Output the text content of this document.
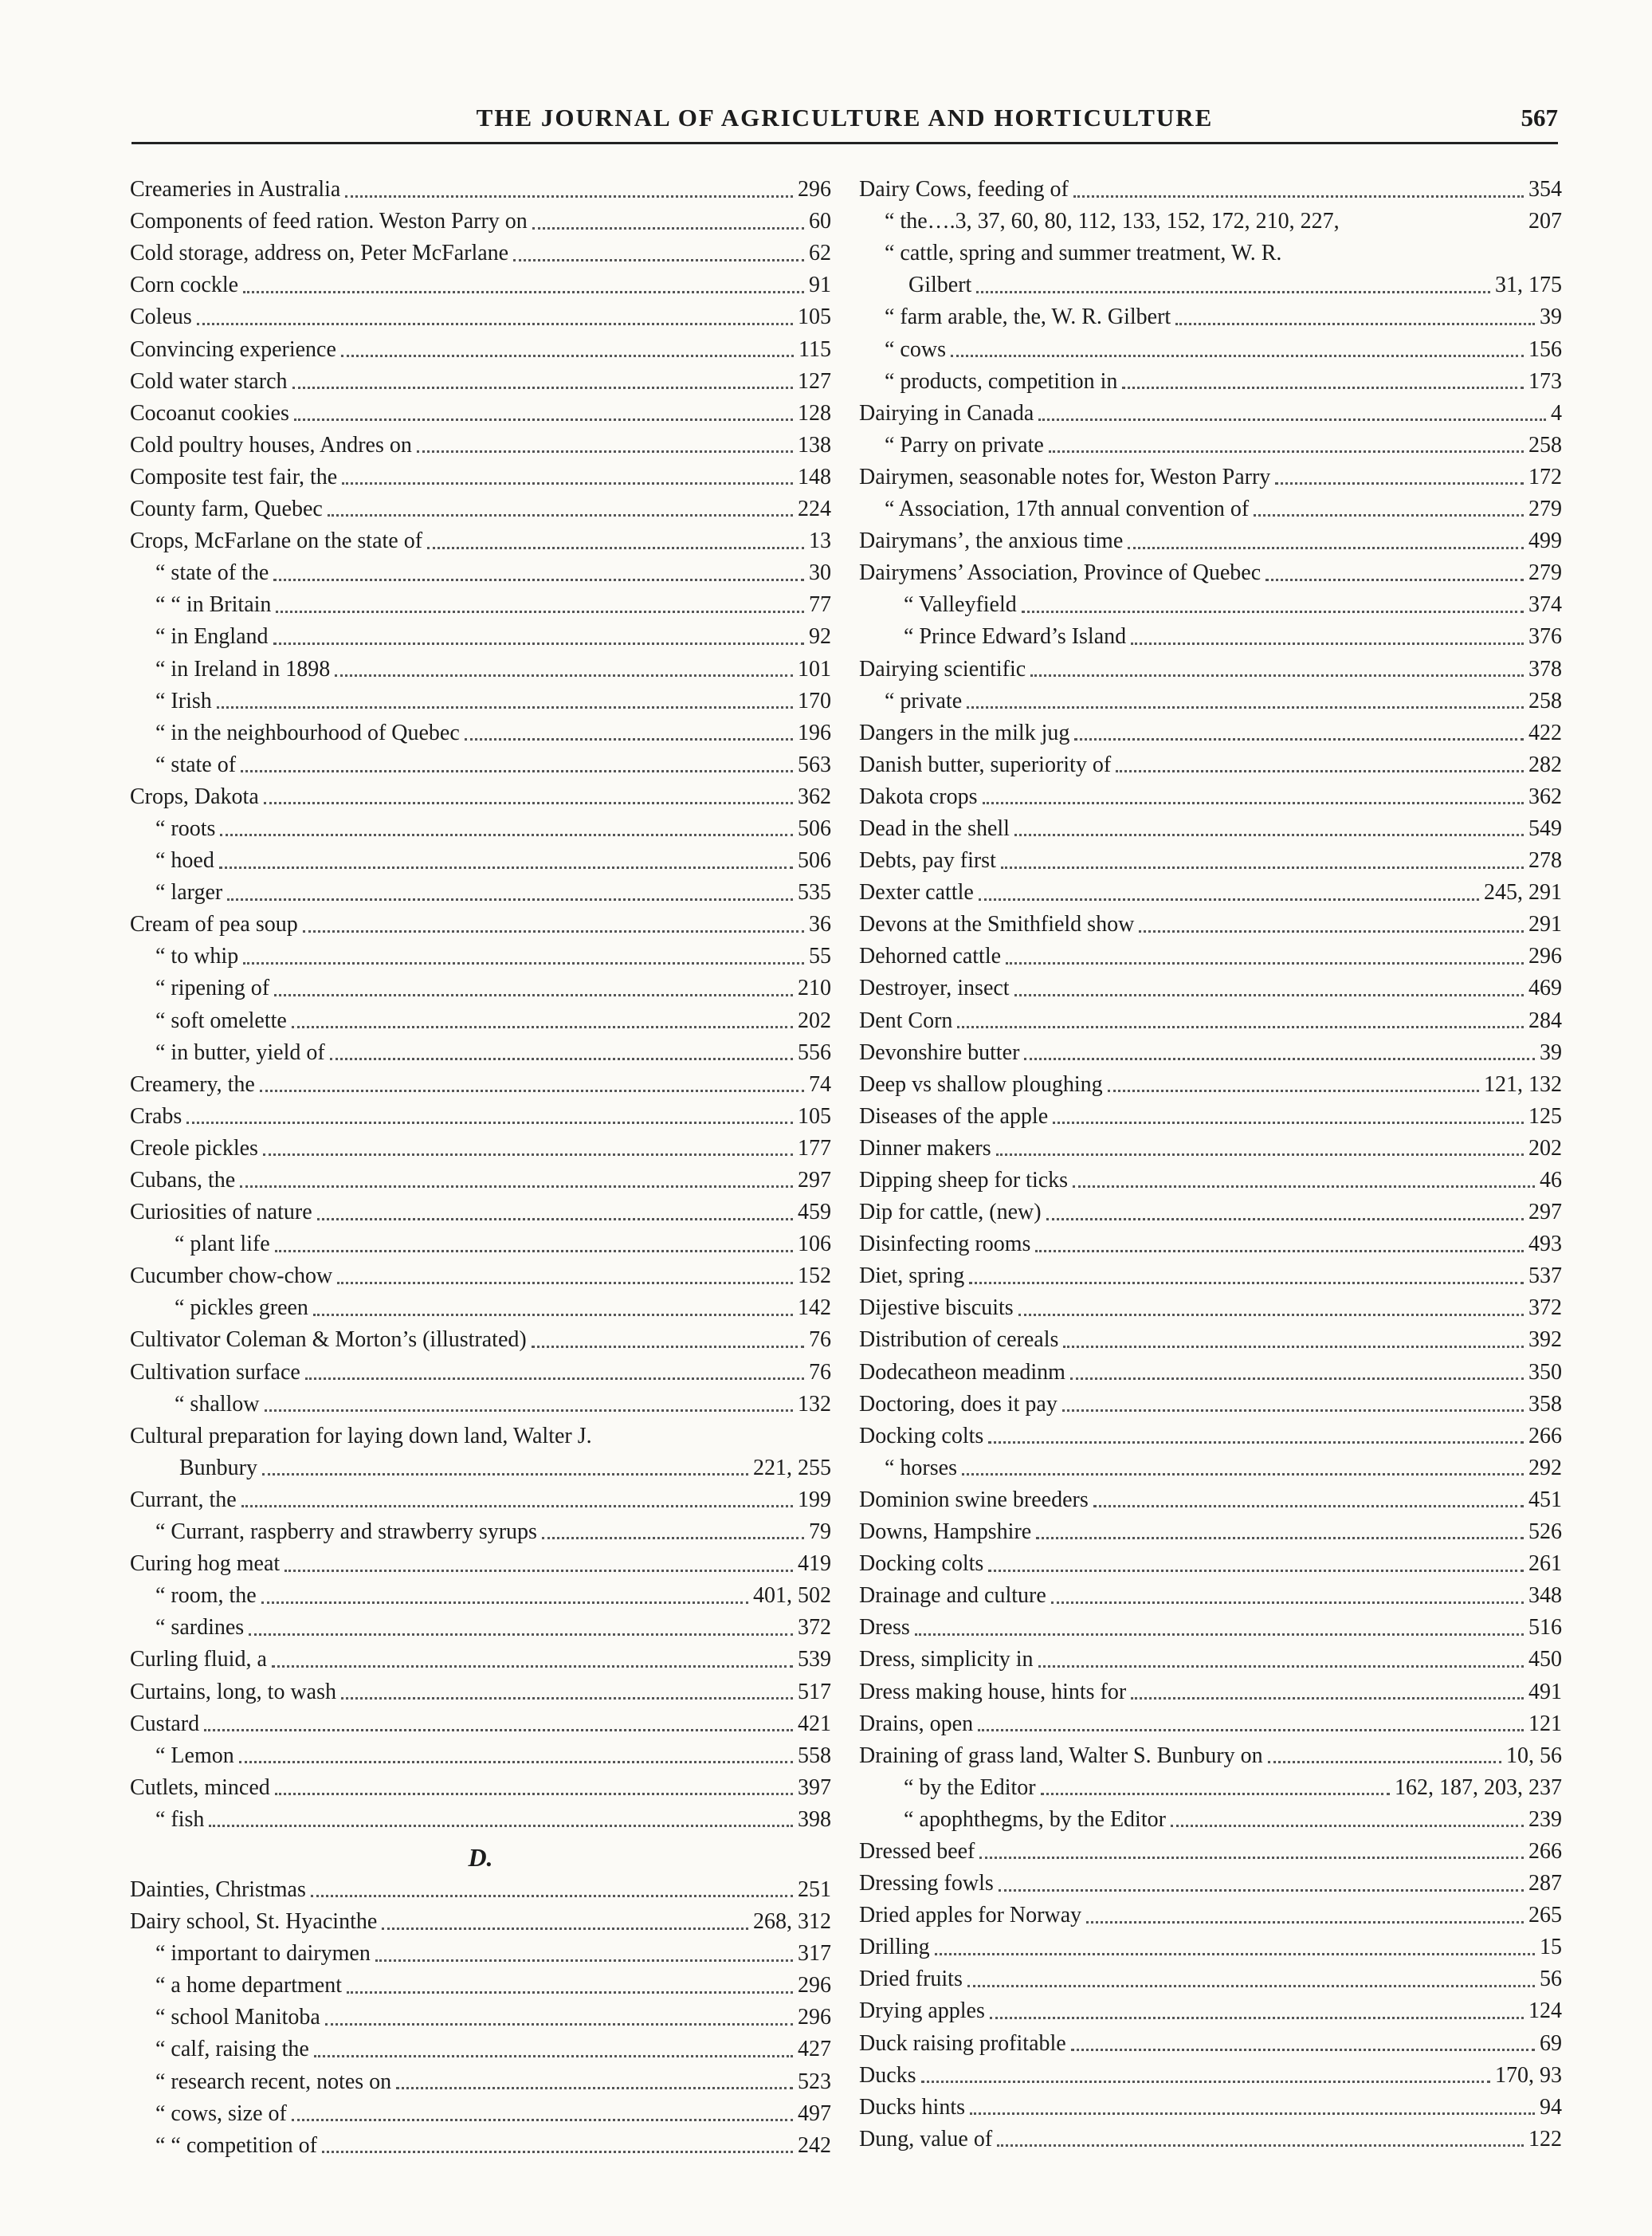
THE JOURNAL OF AGRICULTURE AND HORTICULTURE	567
Creameries in Australia	296
Components of feed ration. Weston Parry on	60
Cold storage, address on, Peter McFarlane	62
Corn cockle	91
Coleus	105
Convincing experience	115
Cold water starch	127
Cocoanut cookies	128
Cold poultry houses, Andres on	138
Composite test fair, the	148
County farm, Quebec	224
Crops, McFarlane on the state of	13
“ state of the	30
“ “ in Britain	77
“ in England	92
“ in Ireland in 1898	101
“ Irish	170
“ in the neighbourhood of Quebec	196
“ state of	563
Crops, Dakota	362
“ roots	506
“ hoed	506
“ larger	535
Cream of pea soup	36
“ to whip	55
“ ripening of	210
“ soft omelette	202
“ in butter, yield of	556
Creamery, the	74
Crabs	105
Creole pickles	177
Cubans, the	297
Curiosities of nature	459
“ plant life	106
Cucumber chow-chow	152
“ pickles green	142
Cultivator Coleman & Morton’s (illustrated)	76
Cultivation surface	76
“ shallow	132
Cultural preparation for laying down land, Walter J.
Bunbury	221, 255
Currant, the	199
“ Currant, raspberry and strawberry syrups	79
Curing hog meat	419
“ room, the	401, 502
“ sardines	372
Curling fluid, a	539
Curtains, long, to wash	517
Custard	421
“ Lemon	558
Cutlets, minced	397
“ fish	398
D.
Dainties, Christmas	251
Dairy school, St. Hyacinthe	268, 312
“ important to dairymen	317
“ a home department	296
“ school Manitoba	296
“ calf, raising the	427
“ research recent, notes on	523
“ cows, size of	497
“ “ competition of	242
Dairy Cows, feeding of	354
“ the….3, 37, 60, 80, 112, 133, 152, 172, 210, 227,	207
“ cattle, spring and summer treatment, W. R.
Gilbert	31, 175
“ farm arable, the, W. R. Gilbert	39
“ cows	156
“ products, competition in	173
Dairying in Canada	4
“ Parry on private	258
Dairymen, seasonable notes for, Weston Parry	172
“ Association, 17th annual convention of	279
Dairymans’, the anxious time	499
Dairymens’ Association, Province of Quebec	279
“ Valleyfield	374
“ Prince Edward’s Island	376
Dairying scientific	378
“ private	258
Dangers in the milk jug	422
Danish butter, superiority of	282
Dakota crops	362
Dead in the shell	549
Debts, pay first	278
Dexter cattle	245, 291
Devons at the Smithfield show	291
Dehorned cattle	296
Destroyer, insect	469
Dent Corn	284
Devonshire butter	39
Deep vs shallow ploughing	121, 132
Diseases of the apple	125
Dinner makers	202
Dipping sheep for ticks	46
Dip for cattle, (new)	297
Disinfecting rooms	493
Diet, spring	537
Dijestive biscuits	372
Distribution of cereals	392
Dodecatheon meadinm	350
Doctoring, does it pay	358
Docking colts	266
“ horses	292
Dominion swine breeders	451
Downs, Hampshire	526
Docking colts	261
Drainage and culture	348
Dress	516
Dress, simplicity in	450
Dress making house, hints for	491
Drains, open	121
Draining of grass land, Walter S. Bunbury on	10, 56
“ by the Editor	162, 187, 203, 237
“ apophthegms, by the Editor	239
Dressed beef	266
Dressing fowls	287
Dried apples for Norway	265
Drilling	15
Dried fruits	56
Drying apples	124
Duck raising profitable	69
Ducks	170, 93
Ducks hints	94
Dung, value of	122
